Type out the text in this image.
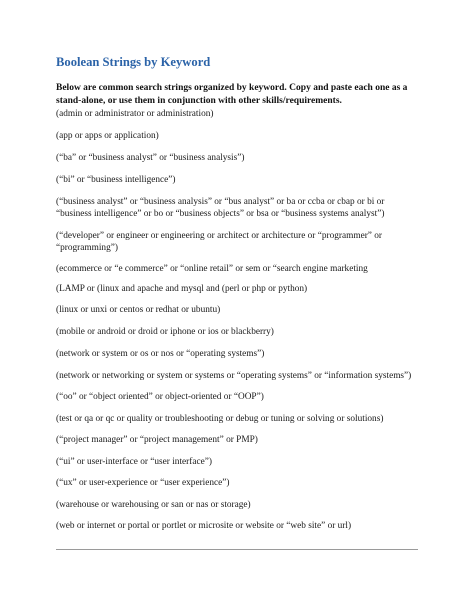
Boolean Strings by Keyword
Below are common search strings organized by keyword. Copy and paste each one as a stand-alone, or use them in conjunction with other skills/requirements.
(admin or administrator or administration)
(app or apps or application)
(“ba” or “business analyst” or “business analysis”)
(“bi” or “business intelligence”)
(“business analyst” or “business analysis” or “bus analyst” or ba or ccba or cbap or bi or “business intelligence” or bo or “business objects” or bsa or “business systems analyst”)
(“developer” or engineer or engineering or architect or architecture or “programmer” or “programming”)
(ecommerce or “e commerce” or “online retail” or sem or “search engine marketing
(LAMP or (linux and apache and mysql and (perl or php or python)
(linux or unxi or centos or redhat or ubuntu)
(mobile or android or droid or iphone or ios or blackberry)
(network or system or os or nos or “operating systems”)
(network or networking or system or systems or “operating systems” or “information systems”)
(“oo” or “object oriented” or object-oriented or “OOP”)
(test or qa or qc or quality or troubleshooting or debug or tuning or solving or solutions)
(“project manager” or “project management” or PMP)
(“ui” or user-interface or “user interface”)
(“ux” or user-experience or “user experience”)
(warehouse or warehousing or san or nas or storage)
(web or internet or portal or portlet or microsite or website or “web site” or url)
